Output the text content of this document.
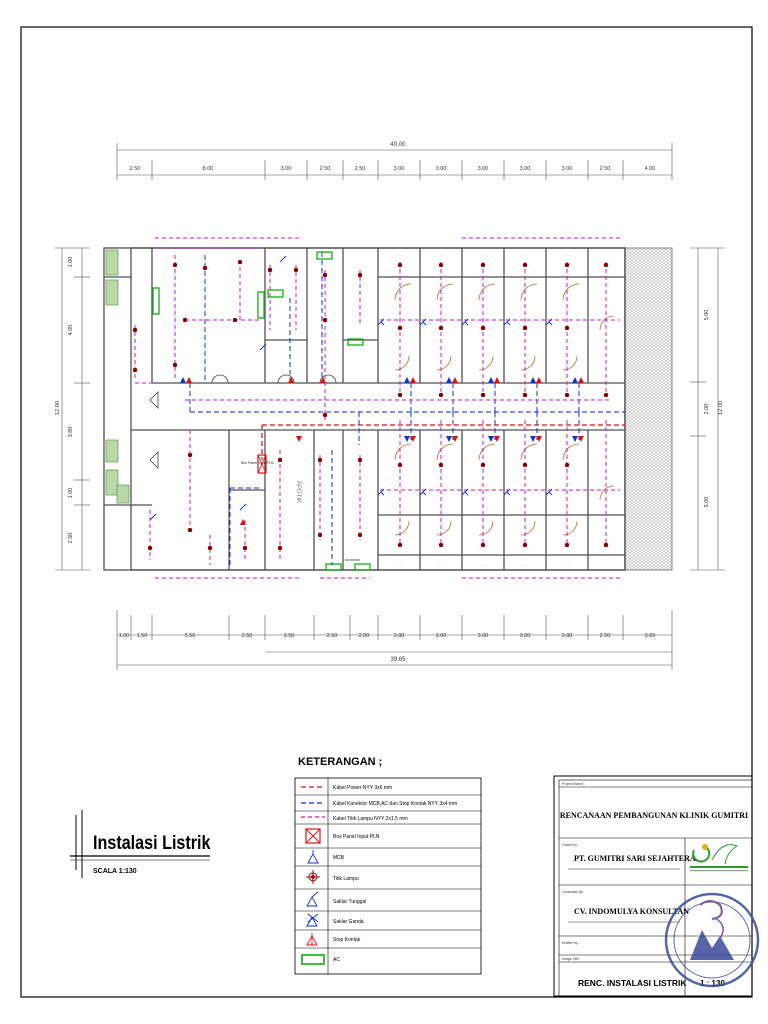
40.00
2.50	8.00	3.00	2.50	2.50	3.00	3.00	3.00	3.00	3.00	2.50	4.00
1.00 1.50	5.50	2.50	3.50	2.50	2.00	3.00	3.00	3.00	3.00	3.00	2.50	3.65
39.65
12.00
1.00
4.00
3.80
1.00
2.50
5.00
2.00
5.00
12.00
........	........	........	........	........
........	........	........	........	........
APOTIK
Box Panel Input PLN
Instalasi Listrik
SCALA 1:130
KETERANGAN ;
Kabel Power NYY 3x6 mm
Kabel Konektor MCB,AC dan Stop Kontak NYY 3x4 mm
Kabel Titik Lampu NYY 2x1,5 mm
Box Panel Input PLN
MCB
Titik Lampu
Saklar Tunggal
Saklar Ganda
Stop Kontak
AC
Project Name :
Owner by :
Consultan by :
Drafter by :
Image Title :
RENCANAAN PEMBANGUNAN KLINIK GUMITRI
PT. GUMITRI SARI SEJAHTERA
CV. INDOMULYA KONSULTAN
RENC. INSTALASI LISTRIK 1 : 130
